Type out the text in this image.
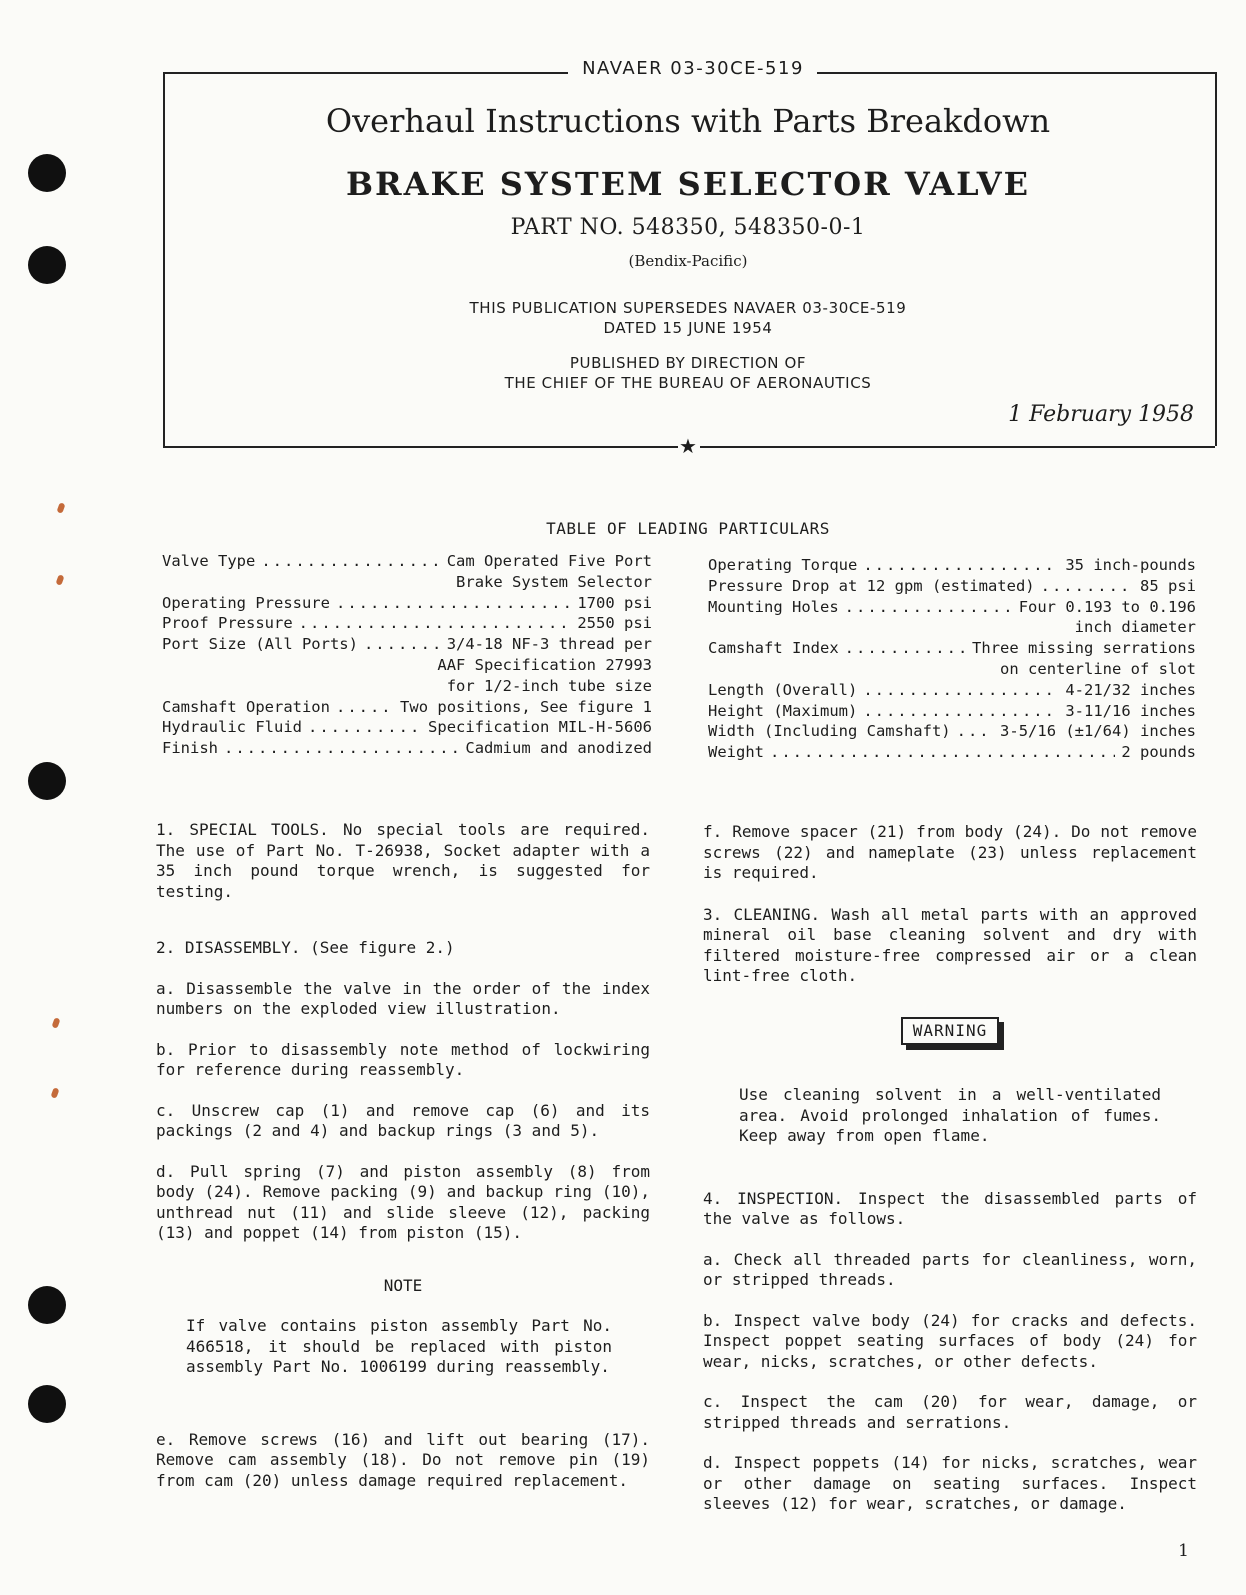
NAVAER 03-30CE-519
Overhaul Instructions with Parts Breakdown
BRAKE SYSTEM SELECTOR VALVE
PART NO. 548350, 548350-0-1
(Bendix-Pacific)
THIS PUBLICATION SUPERSEDES NAVAER 03-30CE-519
DATED 15 JUNE 1954
PUBLISHED BY DIRECTION OF
THE CHIEF OF THE BUREAU OF AERONAUTICS
1 February 1958
★
TABLE OF LEADING PARTICULARS
Valve Type .....	Cam Operated Five Port
Brake System Selector
Operating Pressure .....	1700 psi
Proof Pressure .....	2550 psi
Port Size (All Ports) .....	3/4-18 NF-3 thread per
AAF Specification 27993
for 1/2-inch tube size
Camshaft Operation .....	Two positions, See figure 1
Hydraulic Fluid .....	Specification MIL-H-5606
Finish .....	Cadmium and anodized
Operating Torque .....	35 inch-pounds
Pressure Drop at 12 gpm (estimated) .....	85 psi
Mounting Holes .....	Four 0.193 to 0.196
inch diameter
Camshaft Index .....	Three missing serrations
on centerline of slot
Length (Overall) .....	4-21/32 inches
Height (Maximum) .....	3-11/16 inches
Width (Including Camshaft) .....	3-5/16 (±1/64) inches
Weight .....	2 pounds

1. SPECIAL TOOLS. No special tools are required. The use of Part No. T-26938, Socket adapter with a 35 inch pound torque wrench, is suggested for testing.

2. DISASSEMBLY. (See figure 2.)

a. Disassemble the valve in the order of the index numbers on the exploded view illustration.

b. Prior to disassembly note method of lockwiring for reference during reassembly.

c. Unscrew cap (1) and remove cap (6) and its packings (2 and 4) and backup rings (3 and 5).

d. Pull spring (7) and piston assembly (8) from body (24). Remove packing (9) and backup ring (10), unthread nut (11) and slide sleeve (12), packing (13) and poppet (14) from piston (15).

NOTE

If valve contains piston assembly Part No. 466518, it should be replaced with piston assembly Part No. 1006199 during reassembly.

e. Remove screws (16) and lift out bearing (17). Remove cam assembly (18). Do not remove pin (19) from cam (20) unless damage required replacement.

f. Remove spacer (21) from body (24). Do not remove screws (22) and nameplate (23) unless replacement is required.

3. CLEANING. Wash all metal parts with an approved mineral oil base cleaning solvent and dry with filtered moisture-free compressed air or a clean lint-free cloth.

WARNING

Use cleaning solvent in a well-ventilated area. Avoid prolonged inhalation of fumes. Keep away from open flame.

4. INSPECTION. Inspect the disassembled parts of the valve as follows.

a. Check all threaded parts for cleanliness, worn, or stripped threads.

b. Inspect valve body (24) for cracks and defects. Inspect poppet seating surfaces of body (24) for wear, nicks, scratches, or other defects.

c. Inspect the cam (20) for wear, damage, or stripped threads and serrations.

d. Inspect poppets (14) for nicks, scratches, wear or other damage on seating surfaces. Inspect sleeves (12) for wear, scratches, or damage.

1
